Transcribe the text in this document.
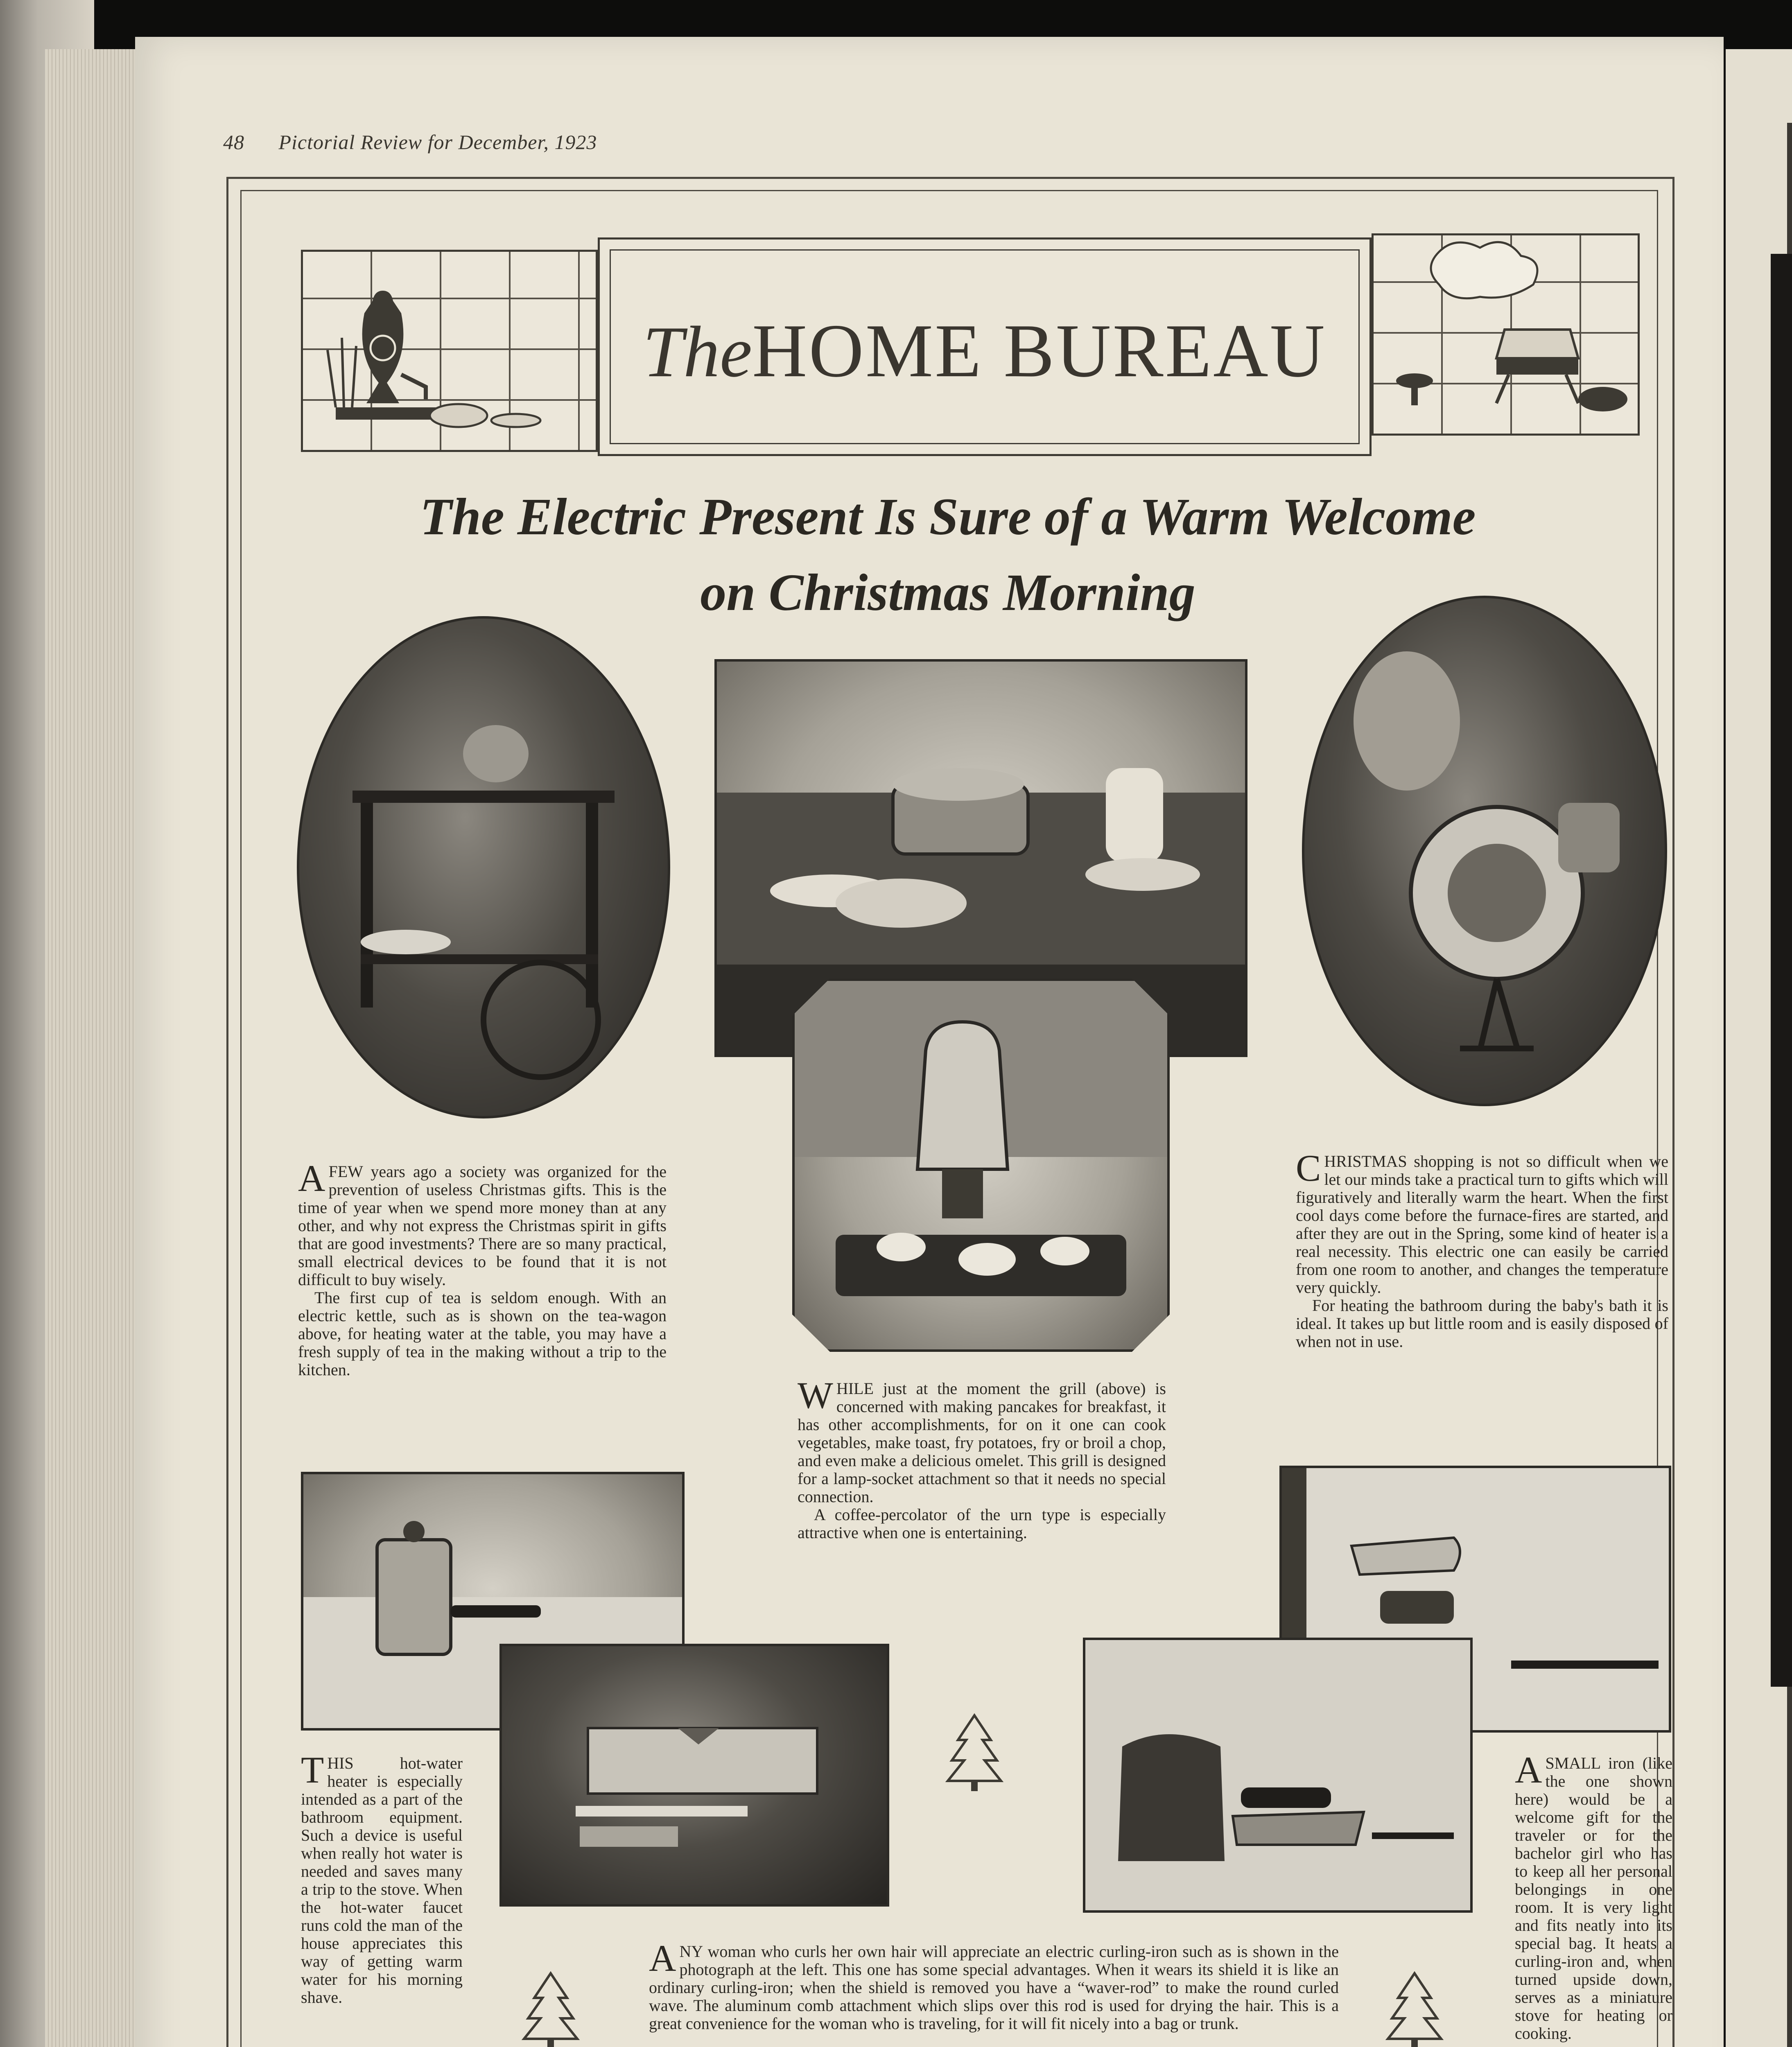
48 Pictorial Review for December, 1923
TheHOME BUREAU
The Electric Present Is Sure of a Warm Welcome
on Christmas Morning

AFEW years ago a society was organized for the prevention of useless Christmas gifts. This is the time of year when we spend more money than at any other, and why not express the Christmas spirit in gifts that are good investments? There are so many practical, small electrical devices to be found that it is not difficult to buy wisely.

The first cup of tea is seldom enough. With an electric kettle, such as is shown on the tea-wagon above, for heating water at the table, you may have a fresh supply of tea in the making without a trip to the kitchen.

CHRISTMAS shopping is not so difficult when we let our minds take a practical turn to gifts which will figuratively and literally warm the heart. When the first cool days come before the furnace-fires are started, and after they are out in the Spring, some kind of heater is a real necessity. This electric one can easily be carried from one room to another, and changes the temperature very quickly.

For heating the bathroom during the baby's bath it is ideal. It takes up but little room and is easily disposed of when not in use.

WHILE just at the moment the grill (above) is concerned with making pancakes for breakfast, it has other accomplishments, for on it one can cook vegetables, make toast, fry potatoes, fry or broil a chop, and even make a delicious omelet. This grill is designed for a lamp-socket attachment so that it needs no special connection.

A coffee-percolator of the urn type is especially attractive when one is entertaining.

THIS hot-water heater is especially intended as a part of the bathroom equipment. Such a device is useful when really hot water is needed and saves many a trip to the stove. When the hot-water faucet runs cold the man of the house appreciates this way of getting warm water for his morning shave.

ASMALL iron (like the one shown here) would be a welcome gift for the traveler or for the bachelor girl who has to keep all her personal belongings in one room. It is very light and fits neatly into its special bag. It heats a curling-iron and, when turned upside down, serves as a miniature stove for heating or cooking.

ANY woman who curls her own hair will appreciate an electric curling-iron such as is shown in the photograph at the left. This one has some special advantages. When it wears its shield it is like an ordinary curling-iron; when the shield is removed you have a “waver-rod” to make the round curled wave. The aluminum comb attachment which slips over this rod is used for drying the hair. This is a great convenience for the woman who is traveling, for it will fit nicely into a bag or trunk.
